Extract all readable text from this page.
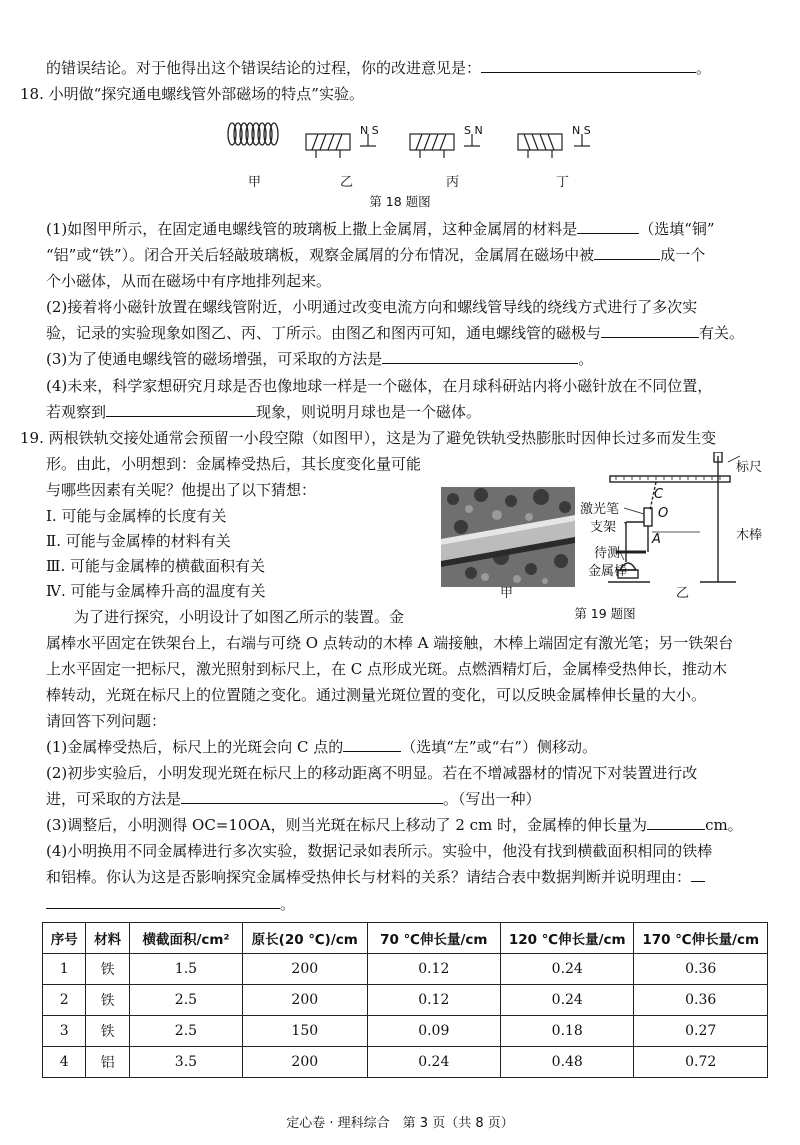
的错误结论。对于他得出这个错误结论的过程，你的改进意见是：	。
18. 小明做“探究通电螺线管外部磁场的特点”实验。
N S	S N	N S
甲	乙	丙	丁
第 18 题图
(1)如图甲所示，在固定通电螺线管的玻璃板上撒上金属屑，这种金属屑的材料是	（选填“铜”
“铝”或“铁”）。闭合开关后轻敲玻璃板，观察金属屑的分布情况，金属屑在磁场中被	成一个
个小磁体，从而在磁场中有序地排列起来。
(2)接着将小磁针放置在螺线管附近，小明通过改变电流方向和螺线管导线的绕线方式进行了多次实
验，记录的实验现象如图乙、丙、丁所示。由图乙和图丙可知，通电螺线管的磁极与	有关。
(3)为了使通电螺线管的磁场增强，可采取的方法是	。
(4)未来，科学家想研究月球是否也像地球一样是一个磁体，在月球科研站内将小磁针放在不同位置，
若观察到	现象，则说明月球也是一个磁体。
19. 两根铁轨交接处通常会预留一小段空隙（如图甲），这是为了避免铁轨受热膨胀时因伸长过多而发生变
形。由此，小明想到：金属棒受热后，其长度变化量可能
与哪些因素有关呢？他提出了以下猜想：
Ⅰ. 可能与金属棒的长度有关
Ⅱ. 可能与金属棒的材料有关
Ⅲ. 可能与金属棒的横截面积有关
Ⅳ. 可能与金属棒升高的温度有关
为了进行探究，小明设计了如图乙所示的装置。金
标尺
激光笔
支架
木棒
待测
金属棒
C
O
A
甲	乙
第 19 题图
属棒水平固定在铁架台上，右端与可绕 O 点转动的木棒 A 端接触，木棒上端固定有激光笔；另一铁架台
上水平固定一把标尺，激光照射到标尺上，在 C 点形成光斑。点燃酒精灯后，金属棒受热伸长，推动木
棒转动，光斑在标尺上的位置随之变化。通过测量光斑位置的变化，可以反映金属棒伸长量的大小。
请回答下列问题：
(1)金属棒受热后，标尺上的光斑会向 C 点的	（选填“左”或“右”）侧移动。
(2)初步实验后，小明发现光斑在标尺上的移动距离不明显。若在不增减器材的情况下对装置进行改
进，可采取的方法是	。（写出一种）
(3)调整后，小明测得 OC=10OA，则当光斑在标尺上移动了 2 cm 时，金属棒的伸长量为	cm。
(4)小明换用不同金属棒进行多次实验，数据记录如表所示。实验中，他没有找到横截面积相同的铁棒
和铝棒。你认为这是否影响探究金属棒受热伸长与材料的关系？请结合表中数据判断并说明理由：
。
序号	材料	横截面积/cm²	原长(20 ℃)/cm	70 ℃伸长量/cm	120 ℃伸长量/cm	170 ℃伸长量/cm
1	铁	1.5	200	0.12	0.24	0.36
2	铁	2.5	200	0.12	0.24	0.36
3	铁	2.5	150	0.09	0.18	0.27
4	铝	3.5	200	0.24	0.48	0.72
定心卷 · 理科综合　第 3 页（共 8 页）
